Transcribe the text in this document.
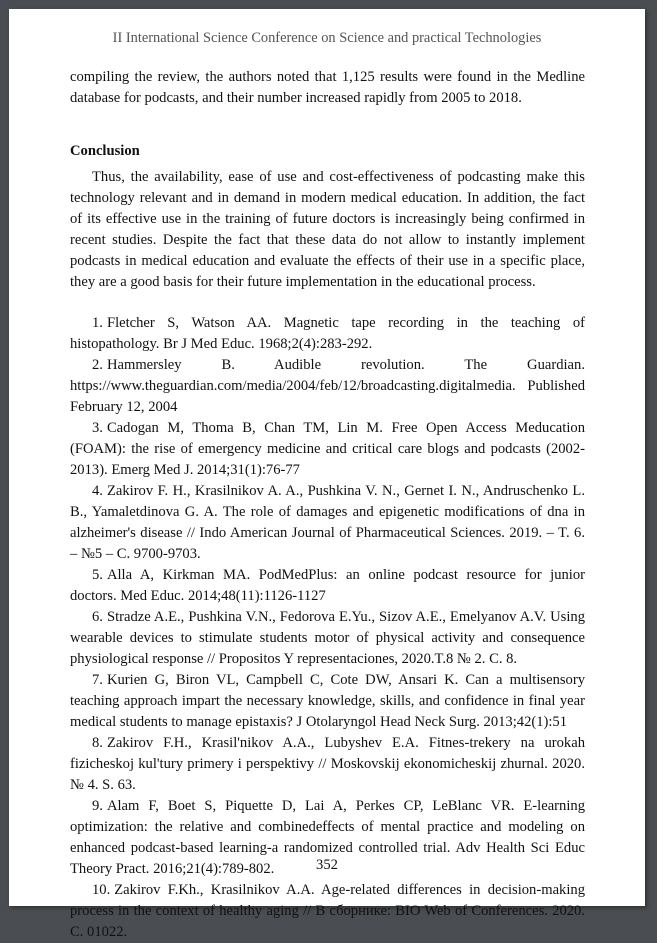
II International Science Conference on Science and practical Technologies

compiling the review, the authors noted that 1,125 results were found in the Medline database for podcasts, and their number increased rapidly from 2005 to 2018.

Conclusion

Thus, the availability, ease of use and cost-effectiveness of podcasting make this technology relevant and in demand in modern medical education. In addition, the fact of its effective use in the training of future doctors is increasingly being confirmed in recent studies. Despite the fact that these data do not allow to instantly implement podcasts in medical education and evaluate the effects of their use in a specific place, they are a good basis for their future implementation in the educational process.

1. Fletcher S, Watson AA. Magnetic tape recording in the teaching of histopathology. Br J Med Educ. 1968;2(4):283-292.

2. Hammersley B. Audible revolution. The Guardian. https://www.theguardian.com/media/2004/feb/12/broadcasting.digitalmedia. Published February 12, 2004

3. Cadogan M, Thoma B, Chan TM, Lin M. Free Open Access Meducation (FOAM): the rise of emergency medicine and critical care blogs and podcasts (2002-2013). Emerg Med J. 2014;31(1):76-77

4. Zakirov F. H., Krasilnikov A. A., Pushkina V. N., Gernet I. N., Andruschenko L. B., Yamaletdinova G. A. The role of damages and epigenetic modifications of dna in alzheimer's disease // Indo American Journal of Pharmaceutical Sciences. 2019. – T. 6. – №5 – C. 9700-9703.

5. Alla A, Kirkman MA. PodMedPlus: an online podcast resource for junior doctors. Med Educ. 2014;48(11):1126-1127

6. Stradze A.E., Pushkina V.N., Fedorova E.Yu., Sizov A.E., Emelyanov A.V. Using wearable devices to stimulate students motor of physical activity and consequence physiological response // Propositos Y representaciones, 2020.T.8 № 2. C. 8.

7. Kurien G, Biron VL, Campbell C, Cote DW, Ansari K. Can a multisensory teaching approach impart the necessary knowledge, skills, and confidence in final year medical students to manage epistaxis? J Otolaryngol Head Neck Surg. 2013;42(1):51

8. Zakirov F.H., Krasil'nikov A.A., Lubyshev E.A. Fitnes-trekery na urokah fizicheskoj kul'tury primery i perspektivy // Moskovskij ekonomicheskij zhurnal. 2020. № 4. S. 63.

9. Alam F, Boet S, Piquette D, Lai A, Perkes CP, LeBlanc VR. E-learning optimization: the relative and combinedeffects of mental practice and modeling on enhanced podcast-based learning-a randomized controlled trial. Adv Health Sci Educ Theory Pract. 2016;21(4):789-802.

10. Zakirov F.Kh., Krasilnikov A.A. Age-related differences in decision-making process in the context of healthy aging // В сборнике: BIO Web of Conferences. 2020. C. 01022.

352
